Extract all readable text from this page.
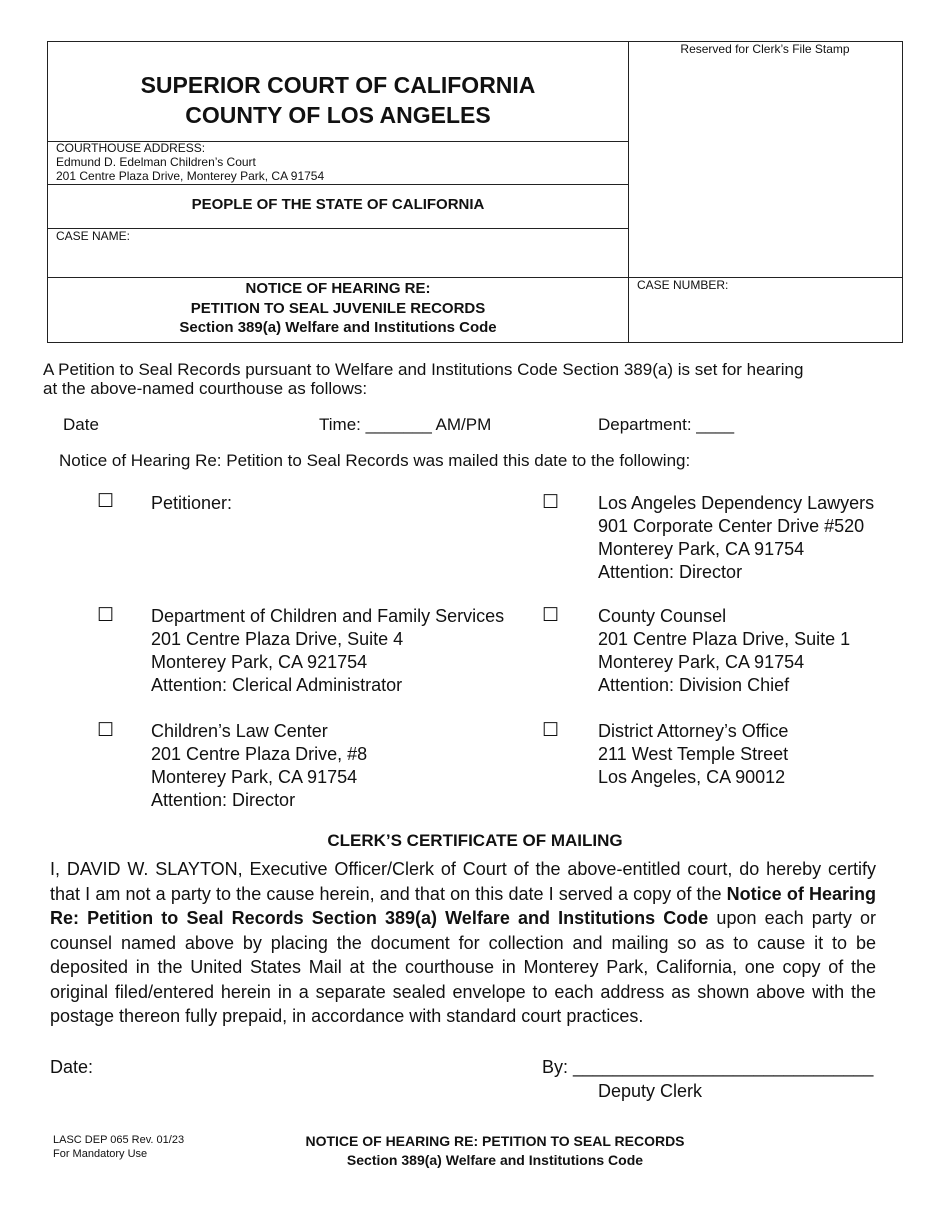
SUPERIOR COURT OF CALIFORNIA
COUNTY OF LOS ANGELES
Reserved for Clerk’s File Stamp
COURTHOUSE ADDRESS:
Edmund D. Edelman Children’s Court
201 Centre Plaza Drive, Monterey Park, CA 91754
PEOPLE OF THE STATE OF CALIFORNIA
CASE NAME:
NOTICE OF HEARING RE:
PETITION TO SEAL JUVENILE RECORDS
Section 389(a) Welfare and Institutions Code
CASE NUMBER:
A Petition to Seal Records pursuant to Welfare and Institutions Code Section 389(a) is set for hearing
at the above-named courthouse as follows:
Date	Time: _______ AM/PM	Department: ____
Notice of Hearing Re: Petition to Seal Records was mailed this date to the following:
☐ Petitioner:	☐ Los Angeles Dependency Lawyers
901 Corporate Center Drive #520
Monterey Park, CA 91754
Attention: Director
☐ Department of Children and Family Services
201 Centre Plaza Drive, Suite 4
Monterey Park, CA 921754
Attention: Clerical Administrator
☐ County Counsel
201 Centre Plaza Drive, Suite 1
Monterey Park, CA 91754
Attention: Division Chief
☐ Children’s Law Center
201 Centre Plaza Drive, #8
Monterey Park, CA 91754
Attention: Director
☐ District Attorney’s Office
211 West Temple Street
Los Angeles, CA 90012
CLERK’S CERTIFICATE OF MAILING
I, DAVID W. SLAYTON, Executive Officer/Clerk of Court of the above-entitled court, do hereby certify that I am not a party to the cause herein, and that on this date I served a copy of the Notice of Hearing Re: Petition to Seal Records Section 389(a) Welfare and Institutions Code upon each party or counsel named above by placing the document for collection and mailing so as to cause it to be deposited in the United States Mail at the courthouse in Monterey Park, California, one copy of the original filed/entered herein in a separate sealed envelope to each address as shown above with the postage thereon fully prepaid, in accordance with standard court practices.
Date:	By: ______________________________
Deputy Clerk
LASC DEP 065 Rev. 01/23
For Mandatory Use
NOTICE OF HEARING RE: PETITION TO SEAL RECORDS
Section 389(a) Welfare and Institutions Code
